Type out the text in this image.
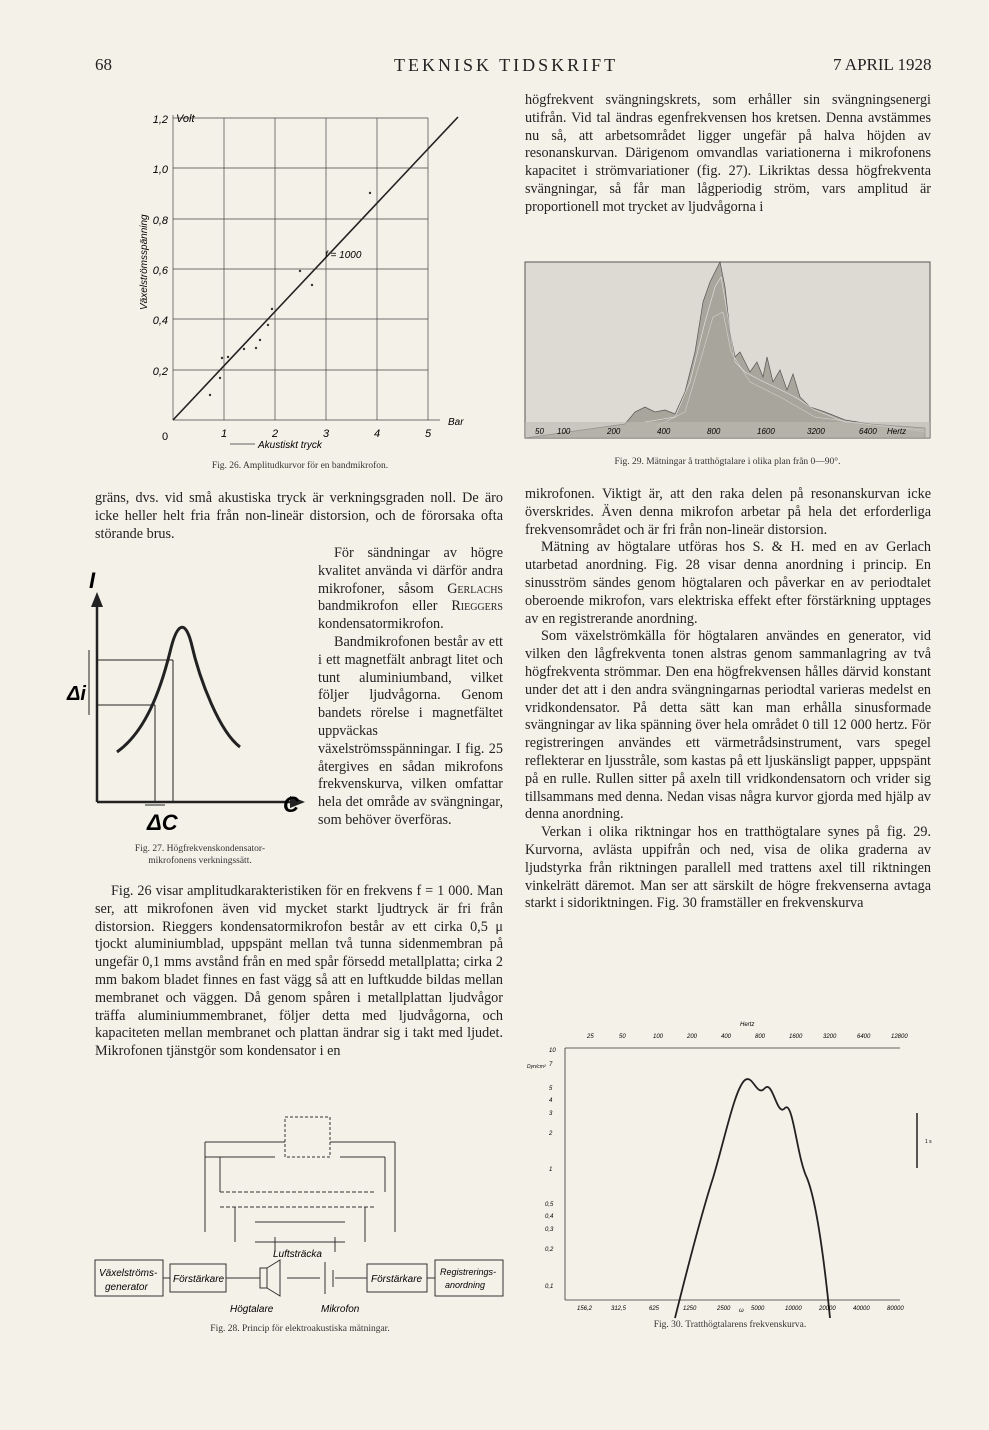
68	TEKNISK TIDSKRIFT	7 APRIL 1928
1,2
1,0
0,8
0,6
0,4
0,2
Volt
0	1	2	3	4	5
Bar
Akustiskt tryck
f = 1000
Växelströmsspänning
Fig. 26. Amplitudkurvor för en bandmikrofon.
50 100	200	400	800	1600	3200	6400 Hertz
Fig. 29. Mätningar å tratthögtalare i olika plan från 0—90°.

högfrekvent svängningskrets, som erhåller sin svängningsenergi utifrån. Vid tal ändras egenfrekvensen hos kretsen. Denna avstämmes nu så, att arbetsområdet ligger ungefär på halva höjden av resonanskurvan. Därigenom omvandlas variationerna i mikrofonens kapacitet i strömvariationer (fig. 27). Likriktas dessa högfrekventa svängningar, så får man lågperiodig ström, vars amplitud är proportionell mot trycket av ljudvågorna i

gräns, dvs. vid små akustiska tryck är verkningsgraden noll. De äro icke heller helt fria från non-lineär distorsion, och de förorsaka ofta störande brus.

I
Δi
ΔC
C
Fig. 27. Högfrekvenskondensator-
mikrofonens verkningssätt.

För sändningar av högre kvalitet använda vi därför andra mikrofoner, såsom Gerlachs bandmikrofon eller Rieggers kondensatormikrofon.

Bandmikrofonen består av ett i ett magnetfält anbragt litet och tunt aluminiumband, vilket följer ljudvågorna. Genom bandets rörelse i magnetfältet uppväckas växelströmsspänningar. I fig. 25 återgives en sådan mikrofons frekvenskurva, vilken omfattar hela det område av svängningar, som behöver överföras.

Fig. 26 visar amplitudkarakteristiken för en frekvens f = 1 000. Man ser, att mikrofonen även vid mycket starkt ljudtryck är fri från distorsion. Rieggers kondensatormikrofon består av ett cirka 0,5 μ tjockt aluminiumblad, uppspänt mellan två tunna sidenmembran på ungefär 0,1 mms avstånd från en med spår försedd metallplatta; cirka 2 mm bakom bladet finnes en fast vägg så att en luftkudde bildas mellan membranet och väggen. Då genom spåren i metallplattan ljudvågor träffa aluminiummembranet, följer detta med ljudvågorna, och kapaciteten mellan membranet och plattan ändrar sig i takt med ljudet. Mikrofonen tjänstgör som kondensator i en

mikrofonen. Viktigt är, att den raka delen på resonanskurvan icke överskrides. Även denna mikrofon arbetar på hela det erforderliga frekvensområdet och är fri från non-lineär distorsion.

Mätning av högtalare utföras hos S. & H. med en av Gerlach utarbetad anordning. Fig. 28 visar denna anordning i princip. En sinusström sändes genom högtalaren och påverkar en av periodtalet oberoende mikrofon, vars elektriska effekt efter förstärkning upptages av en registrerande anordning.

Som växelströmkälla för högtalaren användes en generator, vid vilken den lågfrekventa tonen alstras genom sammanlagring av två högfrekventa strömmar. Den ena högfrekvensen hålles därvid konstant under det att i den andra svängningarnas periodtal varieras medelst en vridkondensator. På detta sätt kan man erhålla sinusformade svängningar av lika spänning över hela området 0 till 12 000 hertz. För registreringen användes ett värmetrådsinstrument, vars spegel reflekterar en ljusstråle, som kastas på ett ljuskänsligt papper, uppspänt på en rulle. Rullen sitter på axeln till vridkondensatorn och vrider sig tillsammans med denna. Nedan visas några kurvor gjorda med hjälp av denna anordning.

Verkan i olika riktningar hos en tratthögtalare synes på fig. 29. Kurvorna, avlästa uppifrån och ned, visa de olika graderna av ljudstyrka från riktningen parallell med trattens axel till riktningen vinkelrätt däremot. Man ser att särskilt de högre frekvenserna avtaga starkt i sidoriktningen. Fig. 30 framställer en frekvenskurva

Växelströms-
generator
Förstärkare
Högtalare
Luftsträcka
Mikrofon
Förstärkare
Registrerings-
anordning
Fig. 28. Princip för elektroakustiska mätningar.
Hertz
25	50	100	200	400	800	1600	3200	6400	12800
Dyn/cm²
10
7
5
4
3
2
1
0,5
0,4
0,3
0,2
0,1
1 s
156,2	312,5	625	1250	2500	5000	10000	20000	40000	80000
ω
Fig. 30. Tratthögtalarens frekvenskurva.
